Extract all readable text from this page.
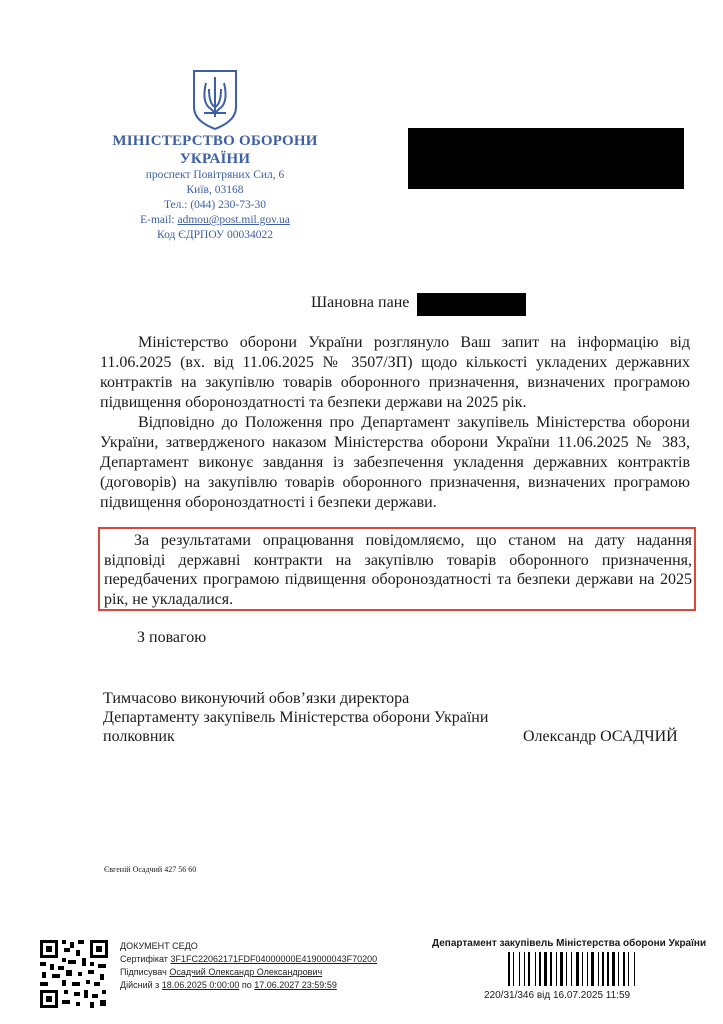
МІНІСТЕРСТВО ОБОРОНИ
УКРАЇНИ
проспект Повітряних Сил, 6
Київ, 03168
Тел.: (044) 230-73-30
E-mail: admou@post.mil.gov.ua
Код ЄДРПОУ 00034022
Шановна пане

Міністерство оборони України розглянуло Ваш запит на інформацію від 11.06.2025 (вх. від 11.06.2025 № 3507/ЗП) щодо кількості укладених державних контрактів на закупівлю товарів оборонного призначення, визначених програмою підвищення обороноздатності та безпеки держави на 2025 рік.

Відповідно до Положення про Департамент закупівель Міністерства оборони України, затвердженого наказом Міністерства оборони України 11.06.2025 № 383, Департамент виконує завдання із забезпечення укладення державних контрактів (договорів) на закупівлю товарів оборонного призначення, визначених програмою підвищення обороноздатності і безпеки держави.

За результатами опрацювання повідомляємо, що станом на дату надання відповіді державні контракти на закупівлю товарів оборонного призначення, передбачених програмою підвищення обороноздатності та безпеки держави на 2025 рік, не укладалися.

З повагою
Тимчасово виконуючий обов’язки директора
Департаменту закупівель Міністерства оборони України
полковник	Олександр ОСАДЧИЙ
Євгеній Осадчий 427 56 60
ДОКУМЕНТ СЕДО
Сертифікат 3F1FC22062171FDF04000000E419000043F70200
Підписувач Осадчий Олександр Олександрович
Дійсний з 18.06.2025 0:00:00 по 17.06.2027 23:59:59
Департамент закупівель Міністерства оборони України
220/31/346 від 16.07.2025 11:59
